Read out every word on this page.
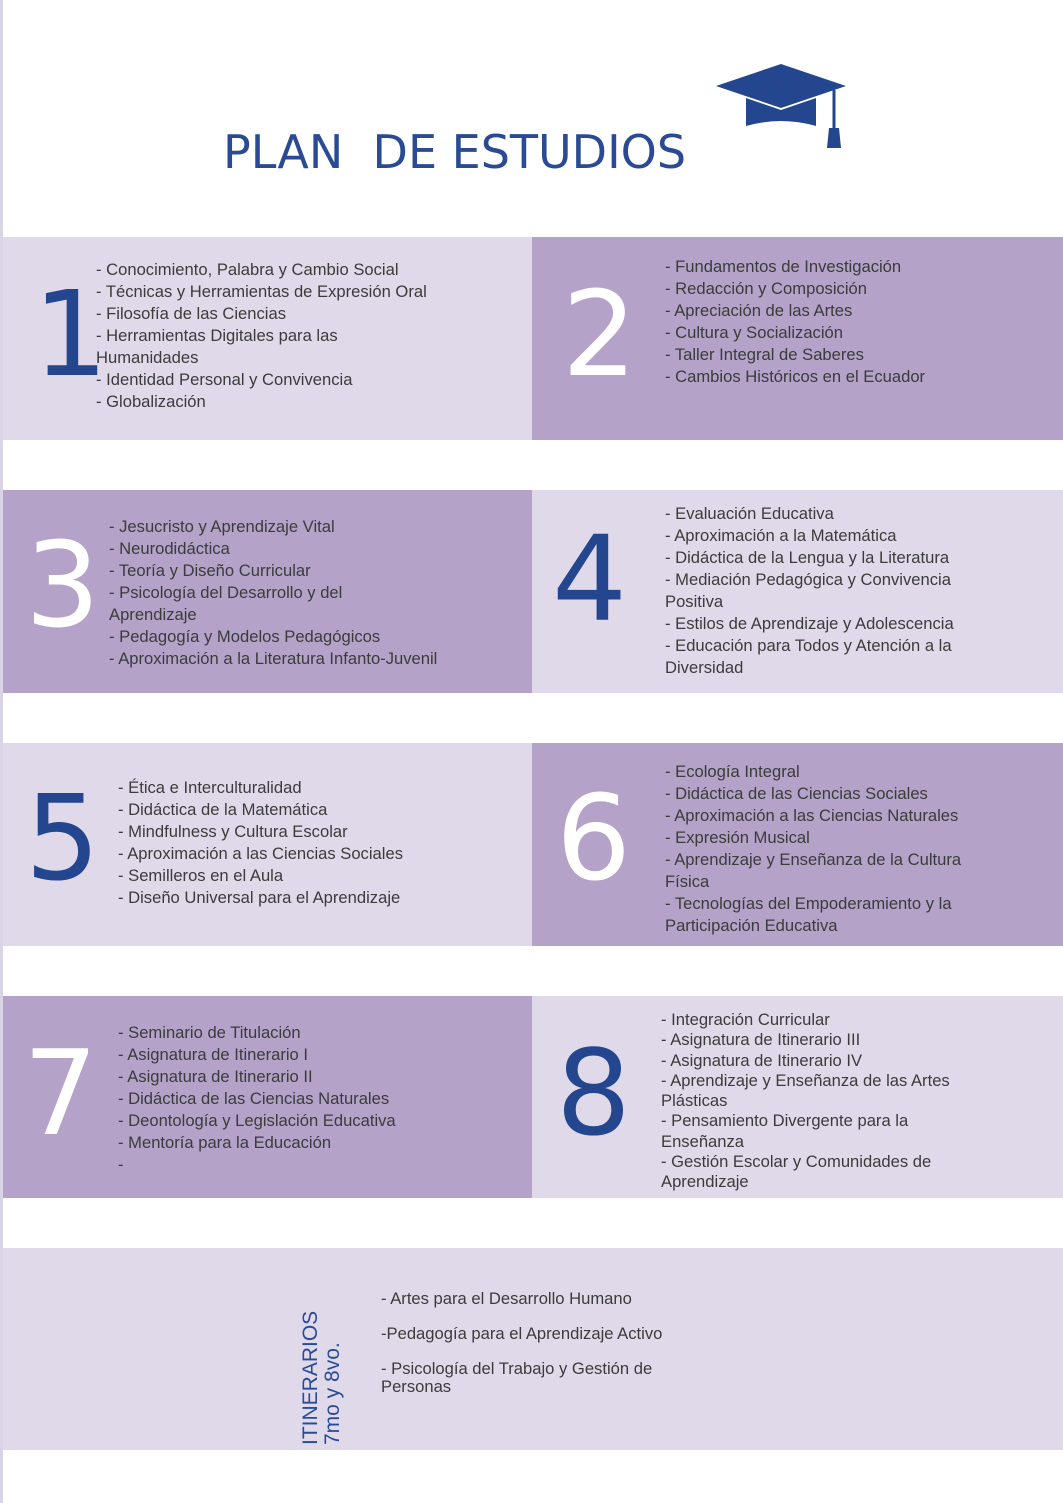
PLAN  DE ESTUDIOS
1
- Conocimiento, Palabra y Cambio Social
- Técnicas y Herramientas de Expresión Oral
- Filosofía de las Ciencias
- Herramientas Digitales para las Humanidades
- Identidad Personal y Convivencia
- Globalización	2 - Fundamentos de Investigación
- Redacción y Composición
- Apreciación de las Artes
- Cultura y Socialización
- Taller Integral de Saberes
- Cambios Históricos en el Ecuador
3 - Jesucristo y Aprendizaje Vital
- Neurodidáctica
- Teoría y Diseño Curricular
- Psicología del Desarrollo y del Aprendizaje
- Pedagogía y Modelos Pedagógicos
- Aproximación a la Literatura Infanto-Juvenil
4 - Evaluación Educativa
- Aproximación a la Matemática
- Didáctica de la Lengua y la Literatura
- Mediación Pedagógica y Convivencia Positiva
- Estilos de Aprendizaje y Adolescencia
- Educación para Todos y Atención a la Diversidad
5 - Ética e Interculturalidad
- Didáctica de la Matemática
- Mindfulness y Cultura Escolar
- Aproximación a las Ciencias Sociales
- Semilleros en el Aula
- Diseño Universal para el Aprendizaje	6 - Ecología Integral
- Didáctica de las Ciencias Sociales
- Aproximación a las Ciencias Naturales
- Expresión Musical
- Aprendizaje y Enseñanza de la Cultura Física
- Tecnologías del Empoderamiento y la Participación Educativa
7 - Seminario de Titulación
- Asignatura de Itinerario I
- Asignatura de Itinerario II
- Didáctica de las Ciencias Naturales
- Deontología y Legislación Educativa
- Mentoría para la Educación
-
8
- Integración Curricular
- Asignatura de Itinerario III
- Asignatura de Itinerario IV
- Aprendizaje y Enseñanza de las Artes Plásticas
- Pensamiento Divergente para la Enseñanza
- Gestión Escolar y Comunidades de Aprendizaje
ITINERARIOS 7mo y 8vo.
- Artes para el Desarrollo Humano
-Pedagogía para el Aprendizaje Activo
- Psicología del Trabajo y Gestión de Personas
